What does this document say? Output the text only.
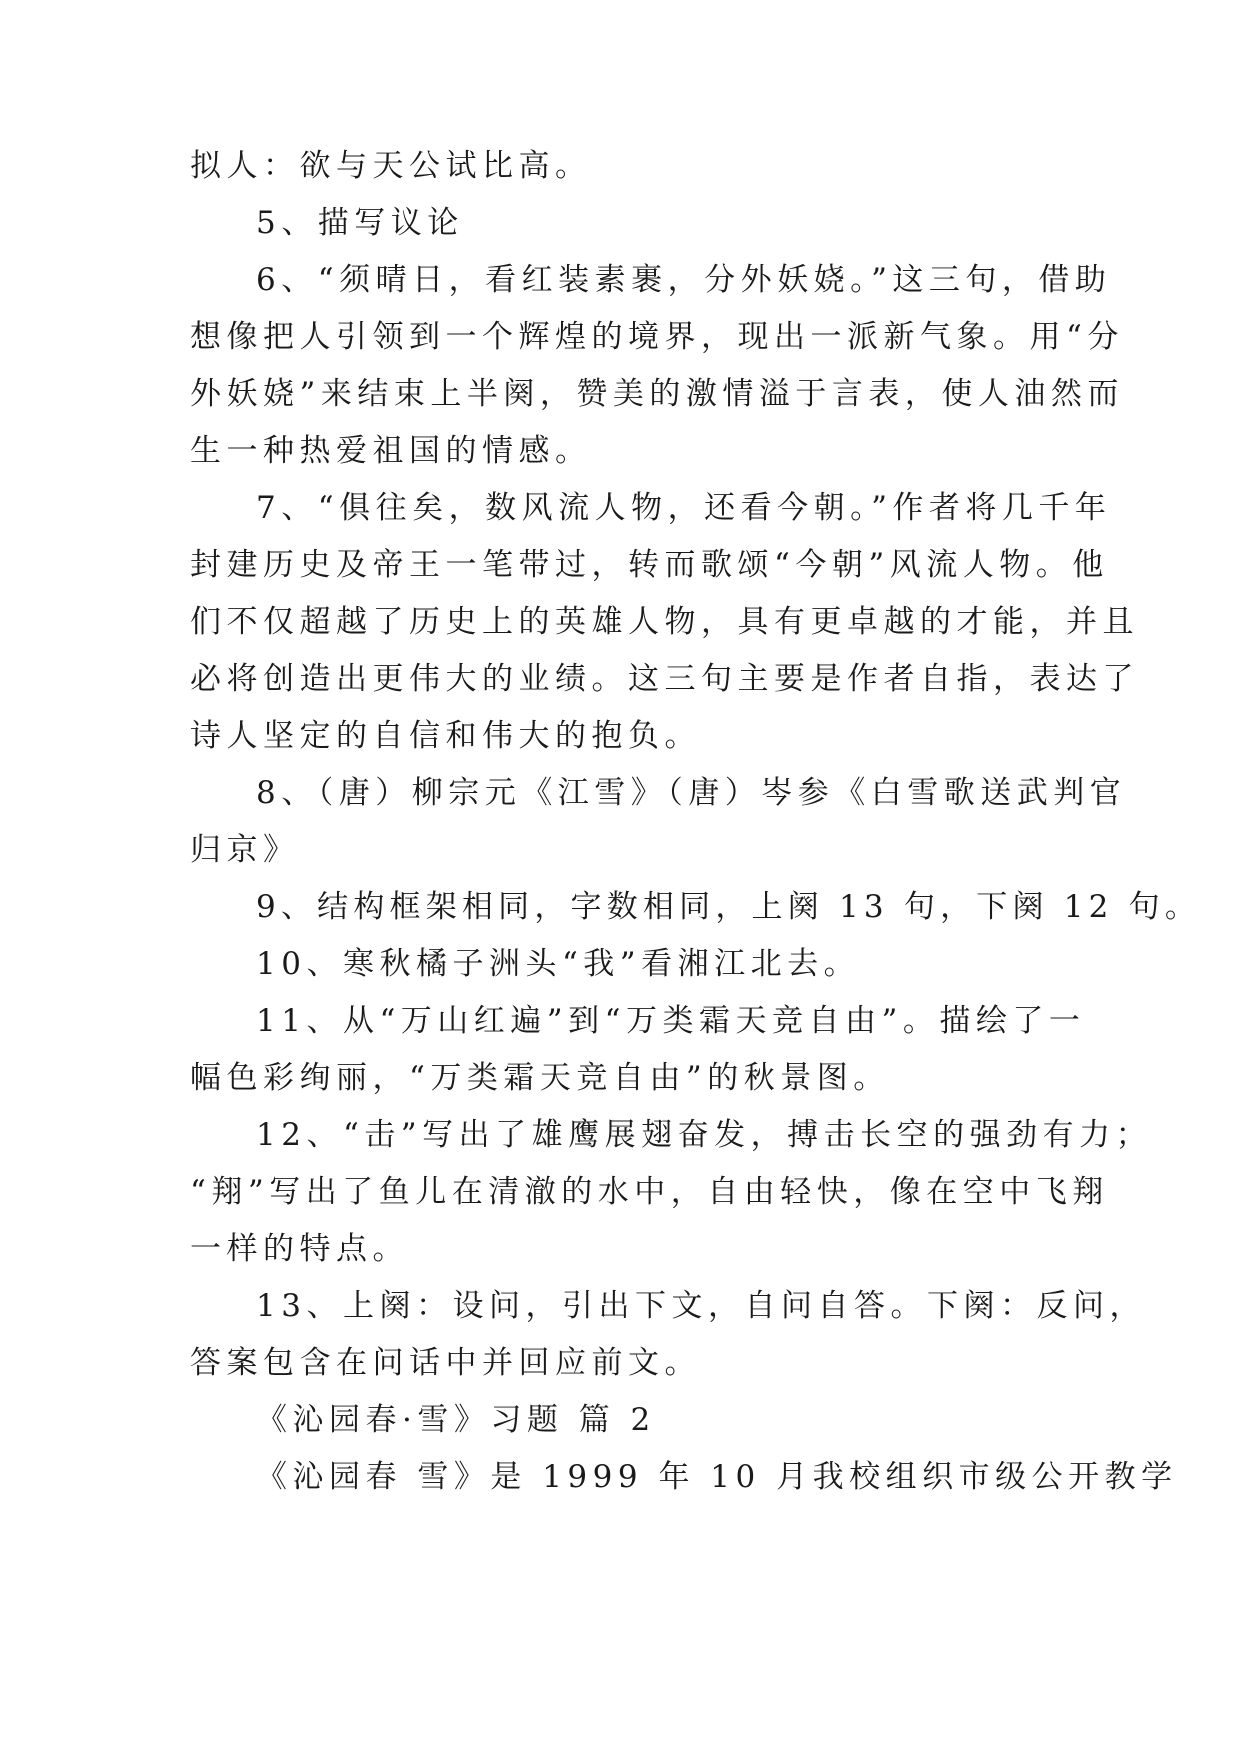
拟人：欲与天公试比高。
5、描写议论
6、“须晴日，看红装素裹，分外妖娆。”这三句，借助
想像把人引领到一个辉煌的境界，现出一派新气象。用“分
外妖娆”来结束上半阕，赞美的激情溢于言表，使人油然而
生一种热爱祖国的情感。
7、“俱往矣，数风流人物，还看今朝。”作者将几千年
封建历史及帝王一笔带过，转而歌颂“今朝”风流人物。他
们不仅超越了历史上的英雄人物，具有更卓越的才能，并且
必将创造出更伟大的业绩。这三句主要是作者自指，表达了
诗人坚定的自信和伟大的抱负。
8、（唐）柳宗元《江雪》（唐）岑参《白雪歌送武判官
归京》
9、结构框架相同，字数相同，上阕 13 句，下阕 12 句。
10、寒秋橘子洲头“我”看湘江北去。
11、从“万山红遍”到“万类霜天竞自由”。描绘了一
幅色彩绚丽，“万类霜天竞自由”的秋景图。
12、“击”写出了雄鹰展翅奋发，搏击长空的强劲有力；
“翔”写出了鱼儿在清澈的水中，自由轻快，像在空中飞翔
一样的特点。
13、上阕：设问，引出下文，自问自答。下阕：反问，
答案包含在问话中并回应前文。
《沁园春·雪》习题 篇 2
《沁园春 雪》是 1999 年 10 月我校组织市级公开教学
